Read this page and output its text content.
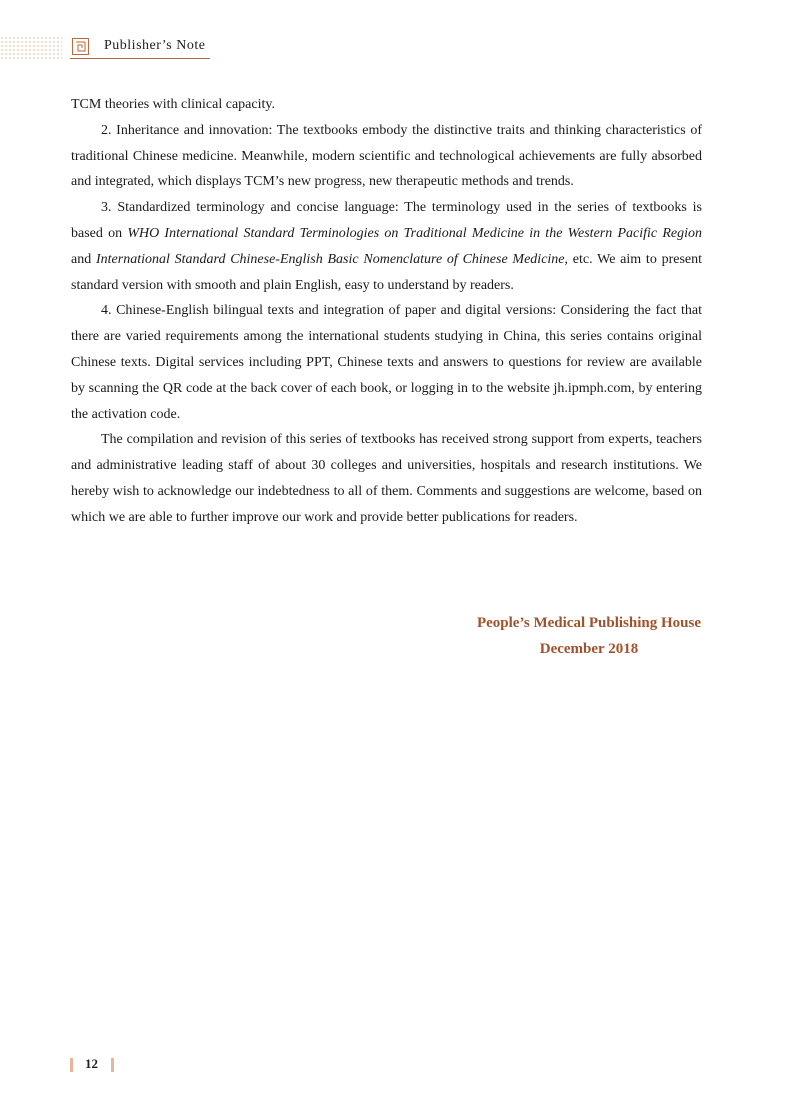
Publisher’s Note

TCM theories with clinical capacity.

2. Inheritance and innovation: The textbooks embody the distinctive traits and thinking characteristics of traditional Chinese medicine. Meanwhile, modern scientific and technological achievements are fully absorbed and integrated, which displays TCM’s new progress, new therapeutic methods and trends.

3. Standardized terminology and concise language: The terminology used in the series of textbooks is based on WHO International Standard Terminologies on Traditional Medicine in the Western Pacific Region and International Standard Chinese-English Basic Nomenclature of Chinese Medicine, etc. We aim to present standard version with smooth and plain English, easy to understand by readers.

4. Chinese-English bilingual texts and integration of paper and digital versions: Considering the fact that there are varied requirements among the international students studying in China, this series contains original Chinese texts. Digital services including PPT, Chinese texts and answers to questions for review are available by scanning the QR code at the back cover of each book, or logging in to the website jh.ipmph.com, by entering the activation code.

The compilation and revision of this series of textbooks has received strong support from experts, teachers and administrative leading staff of about 30 colleges and universities, hospitals and research institutions. We hereby wish to acknowledge our indebtedness to all of them. Comments and suggestions are welcome, based on which we are able to further improve our work and provide better publications for readers.

People’s Medical Publishing House
December 2018
12
